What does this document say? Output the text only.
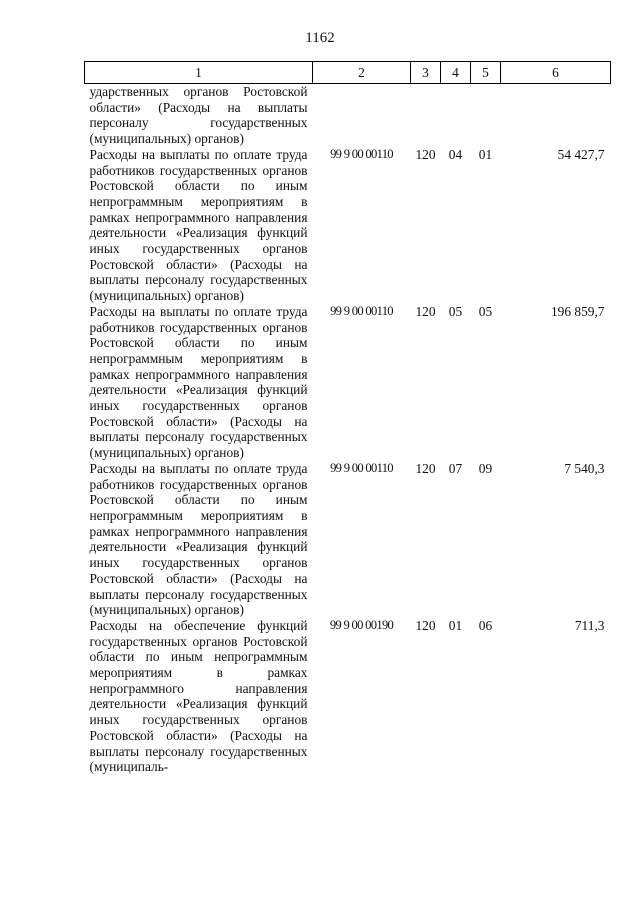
1162
1	2	3	4	5	6
ударственных органов Ростовской области» (Расходы на выплаты персоналу государственных (муниципальных) органов)					
Расходы на выплаты по оплате труда работников государственных органов Ростовской области по иным непрограммным мероприятиям в рамках непрограммного направления деятельности «Реализация функций иных государственных органов Ростовской области» (Расходы на выплаты персоналу государственных (муниципальных) органов)	99 9 00 00110	120	04	01	54 427,7
Расходы на выплаты по оплате труда работников государственных органов Ростовской области по иным непрограммным мероприятиям в рамках непрограммного направления деятельности «Реализация функций иных государственных органов Ростовской области» (Расходы на выплаты персоналу государственных (муниципальных) органов)	99 9 00 00110	120	05	05	196 859,7
Расходы на выплаты по оплате труда работников государственных органов Ростовской области по иным непрограммным мероприятиям в рамках непрограммного направления деятельности «Реализация функций иных государственных органов Ростовской области» (Расходы на выплаты персоналу государственных (муниципальных) органов)	99 9 00 00110	120	07	09	7 540,3
Расходы на обеспечение функций государственных органов Ростовской области по иным непрограммным мероприятиям в рамках непрограммного направления деятельности «Реализация функций иных государственных органов Ростовской области» (Расходы на выплаты персоналу государственных (муниципаль-	99 9 00 00190	120	01	06	711,3
